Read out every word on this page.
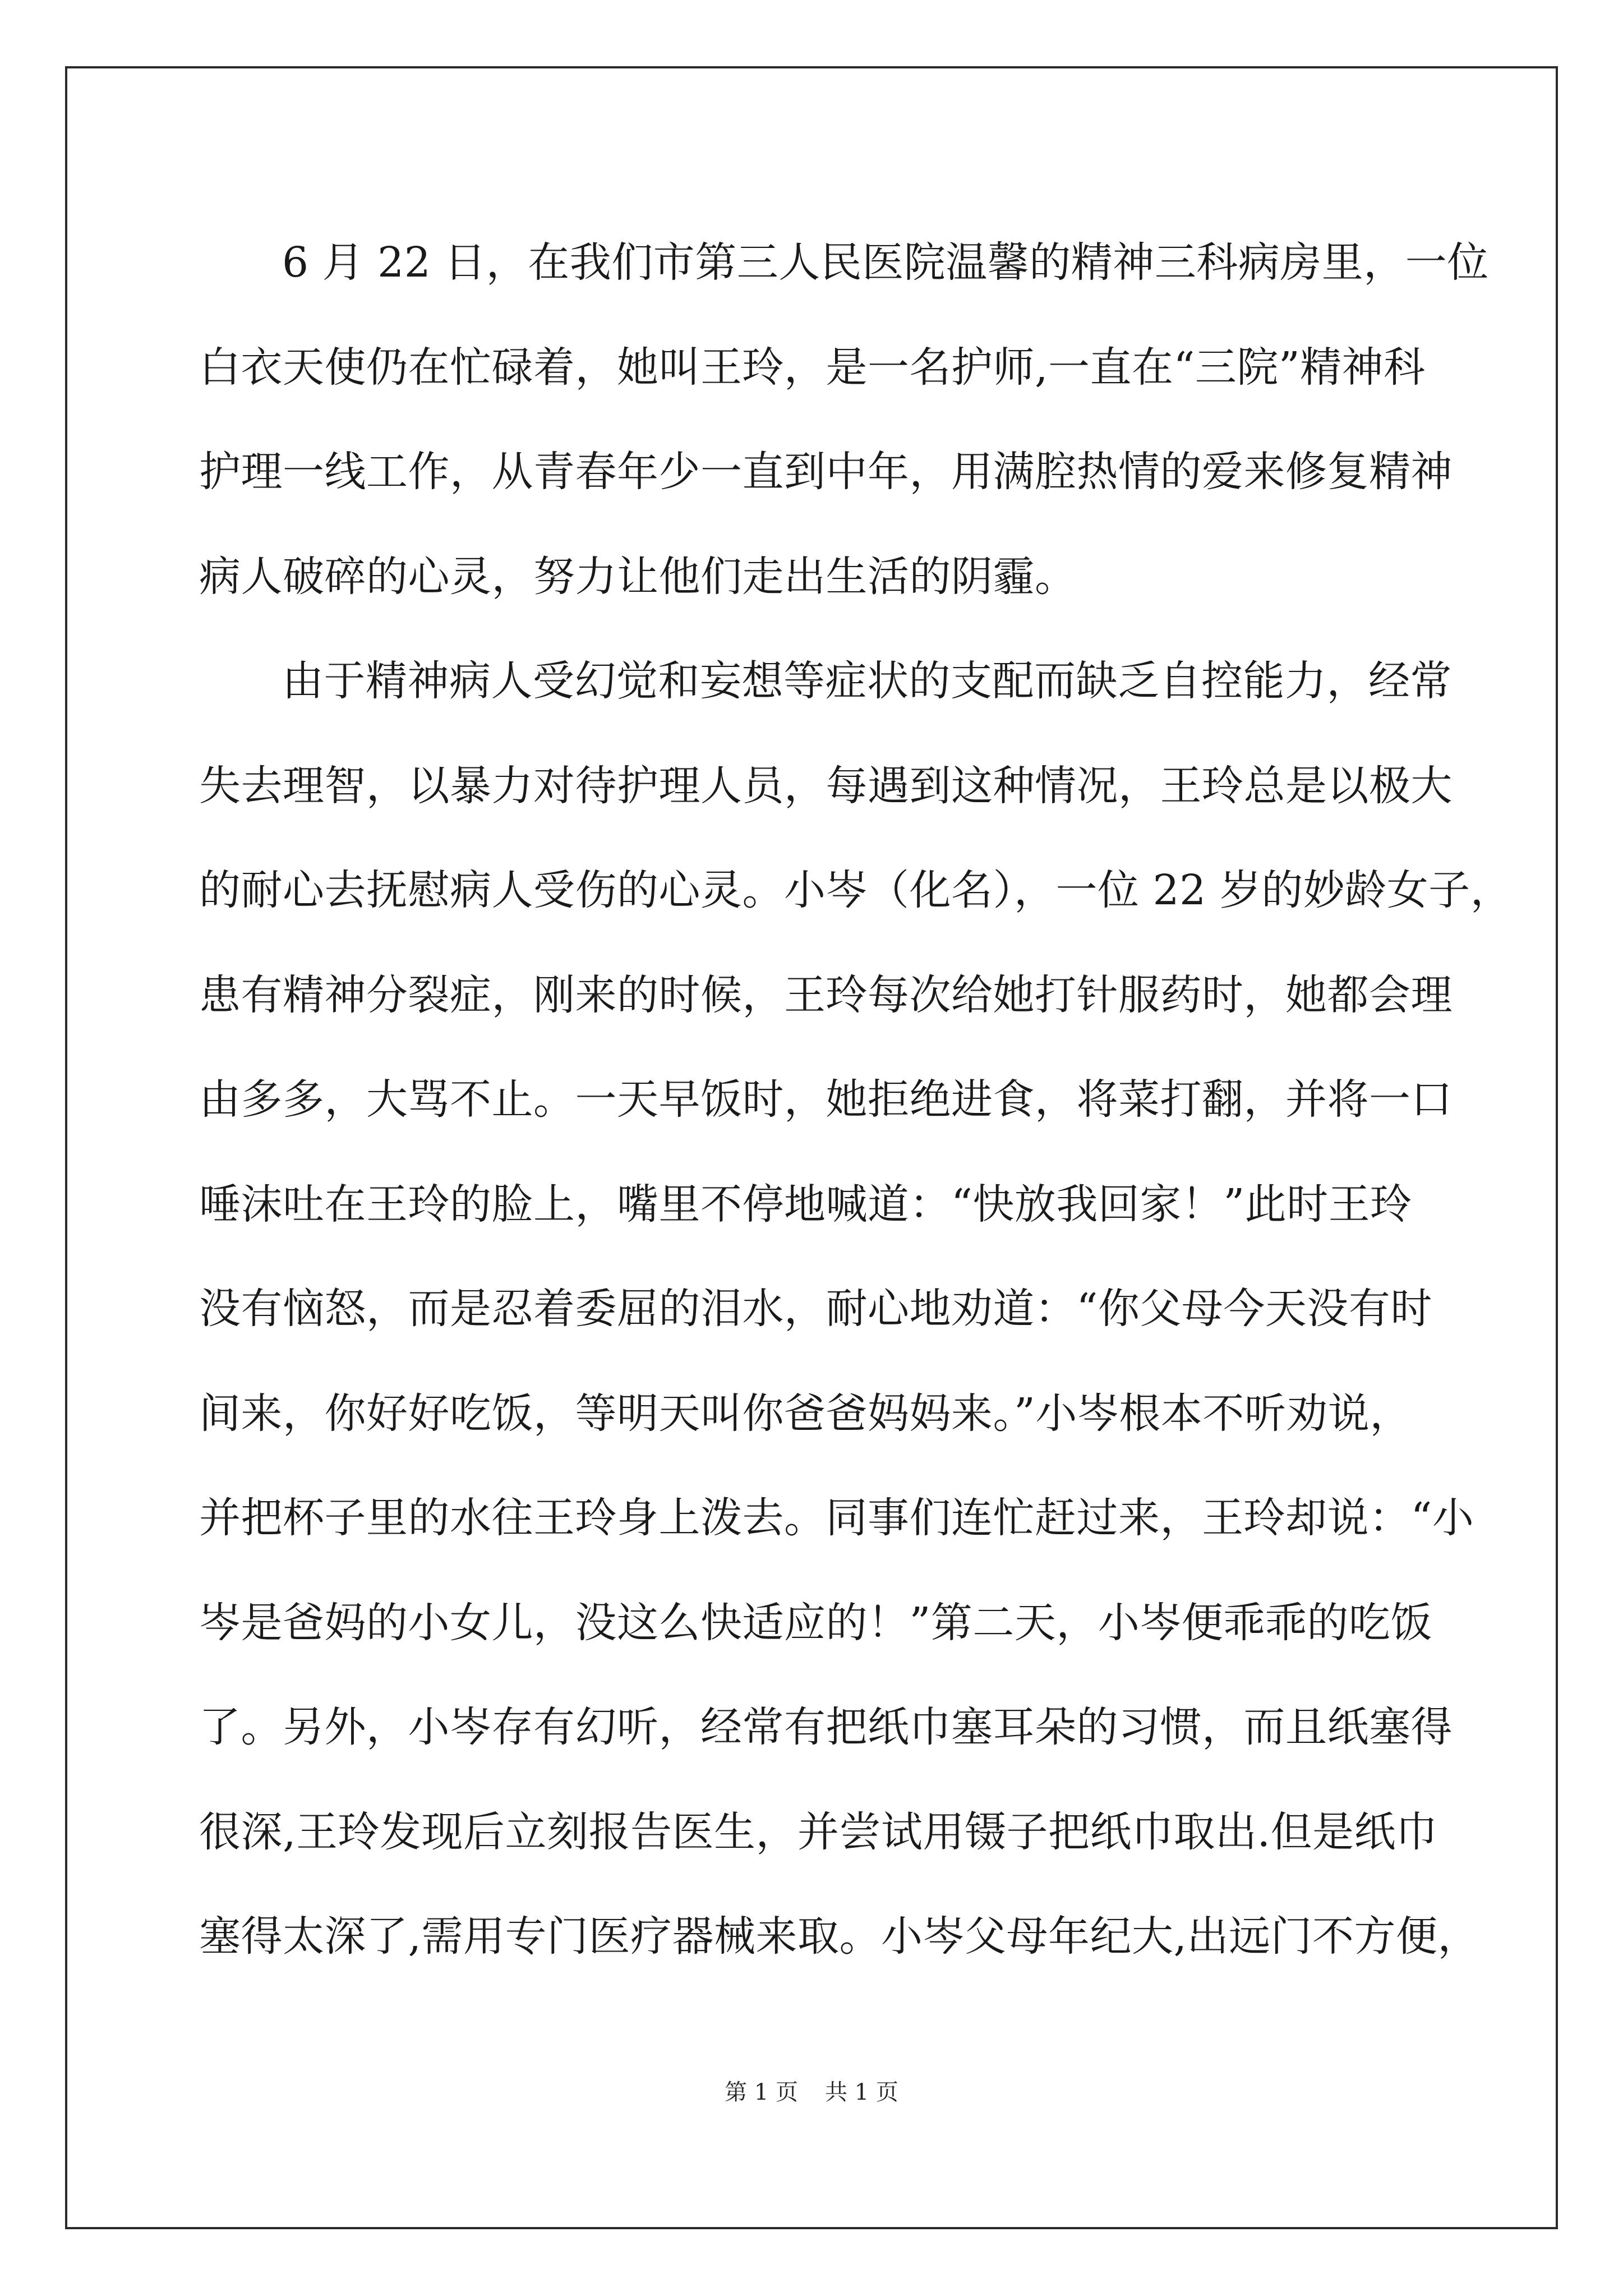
6 月 22 日，在我们市第三人民医院温馨的精神三科病房里，一位
白衣天使仍在忙碌着，她叫王玲，是一名护师,一直在“三院”精神科
护理一线工作，从青春年少一直到中年，用满腔热情的爱来修复精神
病人破碎的心灵，努力让他们走出生活的阴霾。
由于精神病人受幻觉和妄想等症状的支配而缺乏自控能力，经常
失去理智，以暴力对待护理人员，每遇到这种情况，王玲总是以极大
的耐心去抚慰病人受伤的心灵。小岑（化名），一位 22 岁的妙龄女子，
患有精神分裂症，刚来的时候，王玲每次给她打针服药时，她都会理
由多多，大骂不止。一天早饭时，她拒绝进食，将菜打翻，并将一口
唾沫吐在王玲的脸上，嘴里不停地喊道：“快放我回家！”此时王玲
没有恼怒，而是忍着委屈的泪水，耐心地劝道：“你父母今天没有时
间来，你好好吃饭，等明天叫你爸爸妈妈来。”小岑根本不听劝说，
并把杯子里的水往王玲身上泼去。同事们连忙赶过来，王玲却说：“小
岑是爸妈的小女儿，没这么快适应的！”第二天，小岑便乖乖的吃饭
了。另外，小岑存有幻听，经常有把纸巾塞耳朵的习惯，而且纸塞得
很深,王玲发现后立刻报告医生，并尝试用镊子把纸巾取出.但是纸巾
塞得太深了,需用专门医疗器械来取。小岑父母年纪大,出远门不方便，
第 1 页 共 1 页
